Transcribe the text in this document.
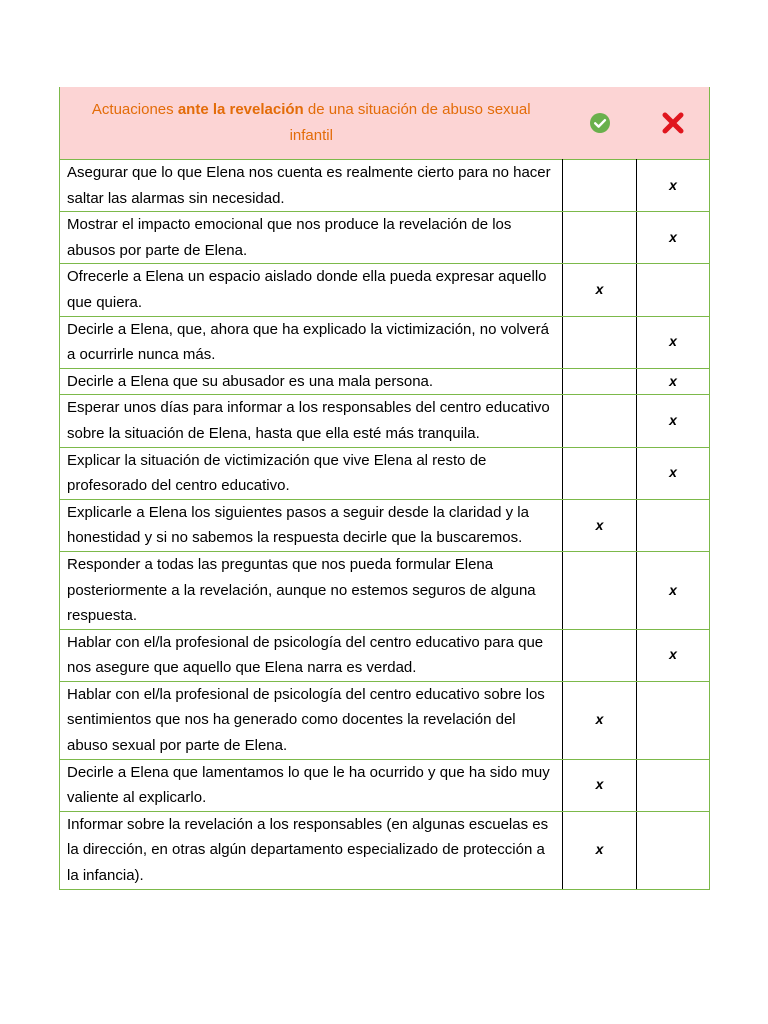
Actuaciones ante la revelación de una situación de abuso sexual infantil		
Asegurar que lo que Elena nos cuenta es realmente cierto para no hacer saltar las alarmas sin necesidad.		x
Mostrar el impacto emocional que nos produce la revelación de los abusos por parte de Elena.		x
Ofrecerle a Elena un espacio aislado donde ella pueda expresar aquello que quiera.	x	
Decirle a Elena, que, ahora que ha explicado la victimización, no volverá a ocurrirle nunca más.		x
Decirle a Elena que su abusador es una mala persona.		x
Esperar unos días para informar a los responsables del centro educativo sobre la situación de Elena, hasta que ella esté más tranquila.		x
Explicar la situación de victimización que vive Elena al resto de profesorado del centro educativo.		x
Explicarle a Elena los siguientes pasos a seguir desde la claridad y la honestidad y si no sabemos la respuesta decirle que la buscaremos.	x	
Responder a todas las preguntas que nos pueda formular Elena posteriormente a la revelación, aunque no estemos seguros de alguna respuesta.		x
Hablar con el/la profesional de psicología del centro educativo para que nos asegure que aquello que Elena narra es verdad.		x
Hablar con el/la profesional de psicología del centro educativo sobre los sentimientos que nos ha generado como docentes la revelación del abuso sexual por parte de Elena.	x	
Decirle a Elena que lamentamos lo que le ha ocurrido y que ha sido muy valiente al explicarlo.	x	
Informar sobre la revelación a los responsables (en algunas escuelas es la dirección, en otras algún departamento especializado de protección a la infancia).	x	
